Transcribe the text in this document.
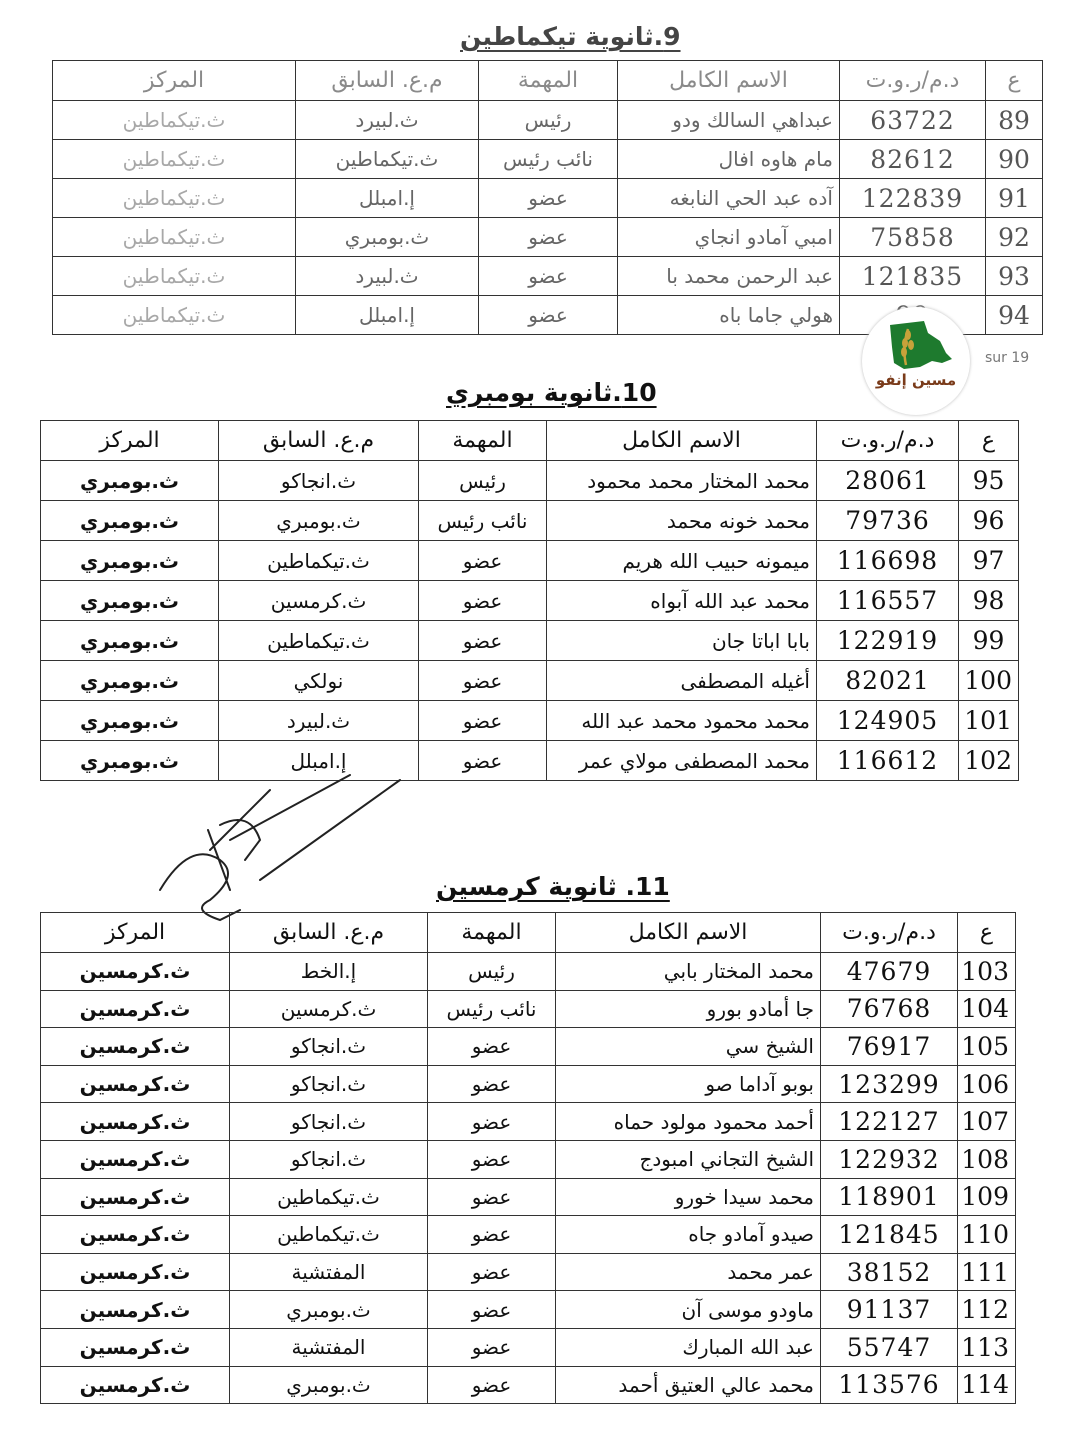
9.ثانوية تيكماطين
ع	د.م/ر.و.ت	الاسم الكامل	المهمة	م.ع. السابق	المركز
89	63722	عبداهي السالك ودو	رئيس	ث.لبيرد	ث.تيكماطين
90	82612	مام هاوه افال	نائب رئيس	ث.تيكماطين	ث.تيكماطين
91	122839	آده عبد الحي النابغه	عضو	إ.امبلل	ث.تيكماطين
92	75858	امبي آمادو انجاي	عضو	ث.بومبري	ث.تيكماطين
93	121835	عبد الرحمن محمد با	عضو	ث.لبيرد	ث.تيكماطين
94		هولي جاما باه	عضو	إ.امبلل	ث.تيكماطين
sur 19
مسين إنفو
10.ثانوية بومبري
ع	د.م/ر.و.ت	الاسم الكامل	المهمة	م.ع. السابق	المركز
95	28061	محمد المختار محمد محمود	رئيس	ث.انجاكو	ث.بومبري
96	79736	محمد خونه محمد	نائب رئيس	ث.بومبري	ث.بومبري
97	116698	ميمونه حبيب الله هريم	عضو	ث.تيكماطين	ث.بومبري
98	116557	محمد عبد الله آبواه	عضو	ث.كرمسين	ث.بومبري
99	122919	بابا اباتا جان	عضو	ث.تيكماطين	ث.بومبري
100	82021	أغيله المصطفى	عضو	نولكي	ث.بومبري
101	124905	محمد محمود محمد عبد الله	عضو	ث.لبيرد	ث.بومبري
102	116612	محمد المصطفى مولاي عمر	عضو	إ.امبلل	ث.بومبري
11. ثانوية كرمسين
ع	د.م/ر.و.ت	الاسم الكامل	المهمة	م.ع. السابق	المركز
103	47679	محمد المختار بابي	رئيس	إ.الخط	ث.كرمسين
104	76768	جا أمادو بورو	نائب رئيس	ث.كرمسين	ث.كرمسين
105	76917	الشيخ سي	عضو	ث.انجاكو	ث.كرمسين
106	123299	بوبو آداما صو	عضو	ث.انجاكو	ث.كرمسين
107	122127	أحمد محمود مولود حماه	عضو	ث.انجاكو	ث.كرمسين
108	122932	الشيخ التجاني امبودج	عضو	ث.انجاكو	ث.كرمسين
109	118901	محمد سيدا خورو	عضو	ث.تيكماطين	ث.كرمسين
110	121845	صيدو آمادو جاه	عضو	ث.تيكماطين	ث.كرمسين
111	38152	عمر محمد	عضو	المفتشية	ث.كرمسين
112	91137	ماودو موسى آن	عضو	ث.بومبري	ث.كرمسين
113	55747	عبد الله المبارك	عضو	المفتشية	ث.كرمسين
114	113576	محمد عالي العتيق أحمد	عضو	ث.بومبري	ث.كرمسين
